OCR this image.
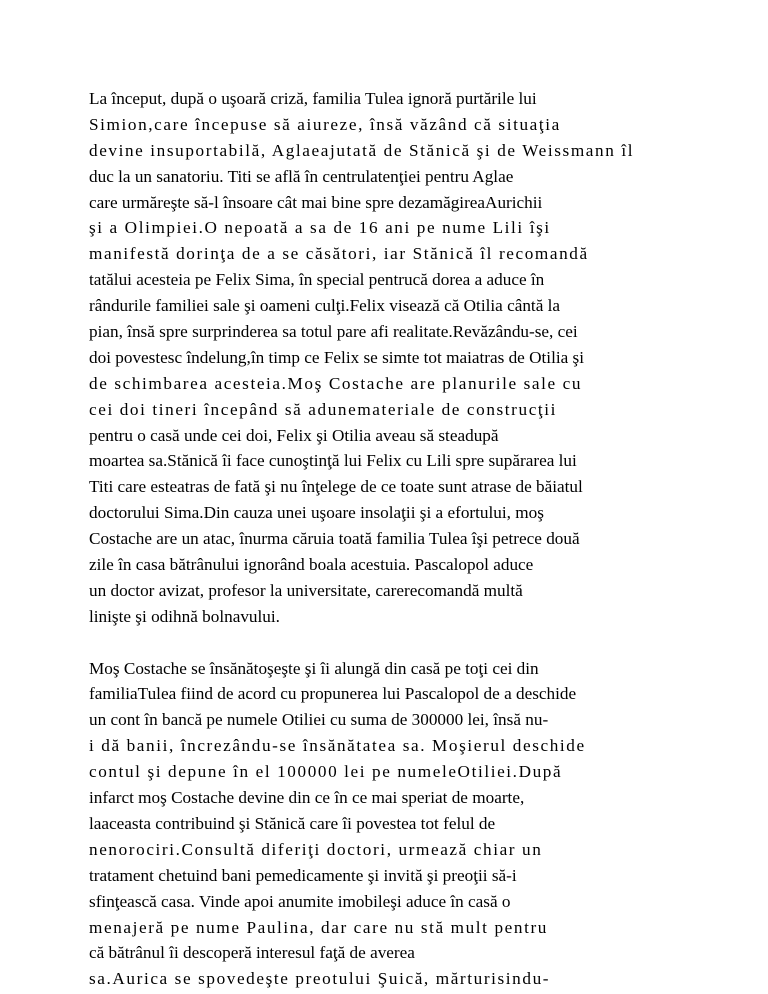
La început, după o uşoară criză, familia Tulea ignoră purtările lui
Simion,care începuse să aiureze, însă văzând că situaţia
devine insuportabilă, Aglaeajutată de Stănică şi de Weissmann îl
duc la un sanatoriu. Titi se află în centrulatenţiei pentru Aglae
care urmăreşte să-l însoare cât mai bine spre dezamăgireaAurichii
şi a Olimpiei.O nepoată a sa de 16 ani pe nume Lili îşi
manifestă dorinţa de a se căsători, iar Stănică îl recomandă
tatălui acesteia pe Felix Sima, în special pentrucă dorea a aduce în
rândurile familiei sale şi oameni culţi.Felix visează că Otilia cântă la
pian, însă spre surprinderea sa totul pare afi realitate.Revăzându-se, cei
doi povestesc îndelung,în timp ce Felix se simte tot maiatras de Otilia şi
de schimbarea acesteia.Moş Costache are planurile sale cu
cei doi tineri începând să adunemateriale de construcţii
pentru o casă unde cei doi, Felix şi Otilia aveau să steadupă
moartea sa.Stănică îi face cunoştinţă lui Felix cu Lili spre supărarea lui
Titi care esteatras de fată şi nu înţelege de ce toate sunt atrase de băiatul
doctorului Sima.Din cauza unei uşoare insolaţii şi a efortului, moş
Costache are un atac, înurma căruia toată familia Tulea îşi petrece două
zile în casa bătrânului ignorând boala acestuia. Pascalopol aduce
un doctor avizat, profesor la universitate, carerecomandă multă
linişte şi odihnă bolnavului.
Moş Costache se însănătoşeşte şi îi alungă din casă pe toţi cei din
familiaTulea fiind de acord cu propunerea lui Pascalopol de a deschide
un cont în bancă pe numele Otiliei cu suma de 300000 lei, însă nu-
i dă banii, încrezându-se însănătatea sa. Moşierul deschide
contul şi depune în el 100000 lei pe numeleOtiliei.După
infarct moş Costache devine din ce în ce mai speriat de moarte,
laaceasta contribuind şi Stănică care îi povestea tot felul de
nenorociri.Consultă diferiţi doctori, urmează chiar un
tratament chetuind bani pemedicamente şi invită şi preoţii să-i
sfinţească casa. Vinde apoi anumite imobileşi aduce în casă o
menajeră pe nume Paulina, dar care nu stă mult pentru
că bătrânul îi descoperă interesul faţă de averea
sa.Aurica se spovedeşte preotului Şuică, mărturisindu-
